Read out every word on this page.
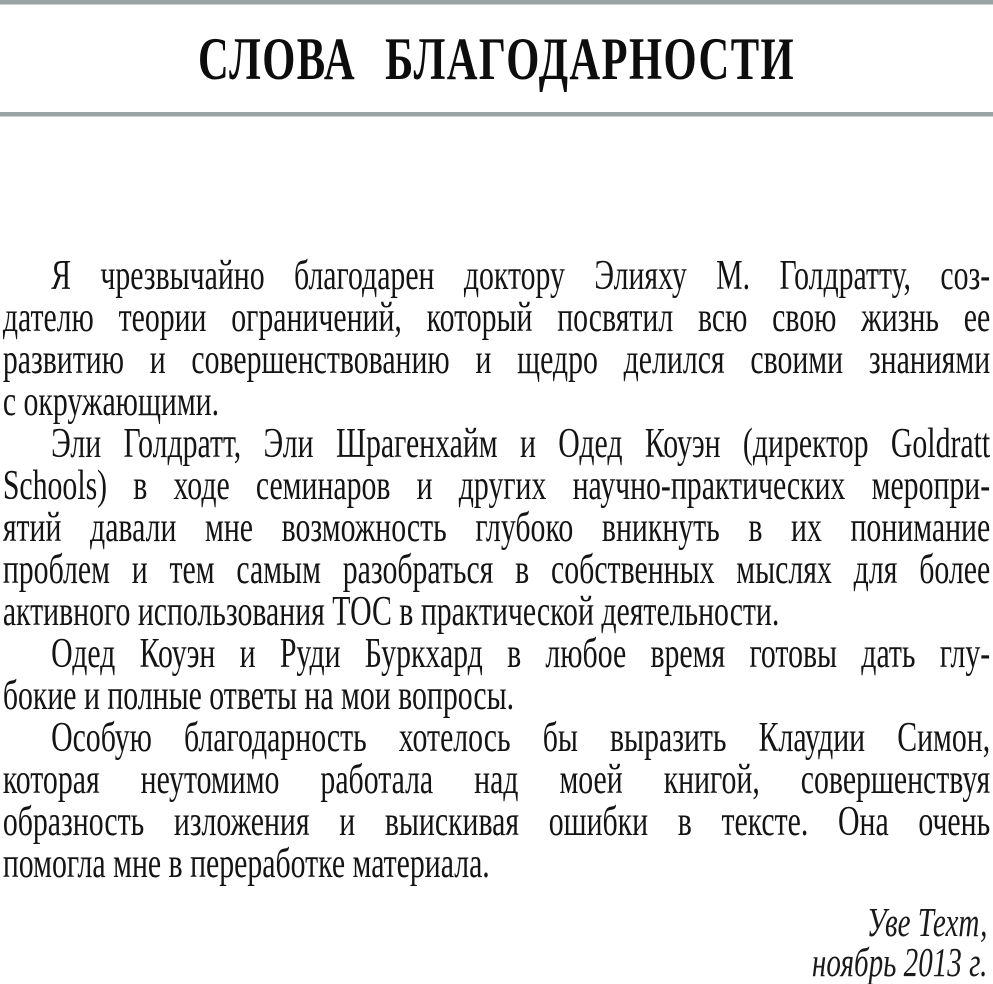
СЛОВА БЛАГОДАРНОСТИ
Я чрезвычайно благодарен доктору Элияху М. Голдратту, соз-
дателю теории ограничений, который посвятил всю свою жизнь ее
развитию и совершенствованию и щедро делился своими знаниями
с окружающими.
Эли Голдратт, Эли Шрагенхайм и Одед Коуэн (директор Goldratt
Schools) в ходе семинаров и других научно-практических меропри-
ятий давали мне возможность глубоко вникнуть в их понимание
проблем и тем самым разобраться в собственных мыслях для более
активного использования ТОС в практической деятельности.
Одед Коуэн и Руди Буркхард в любое время готовы дать глу-
бокие и полные ответы на мои вопросы.
Особую благодарность хотелось бы выразить Клаудии Симон,
которая неутомимо работала над моей книгой, совершенствуя
образность изложения и выискивая ошибки в тексте. Она очень
помогла мне в переработке материала.
Уве Техт,
ноябрь 2013 г.
